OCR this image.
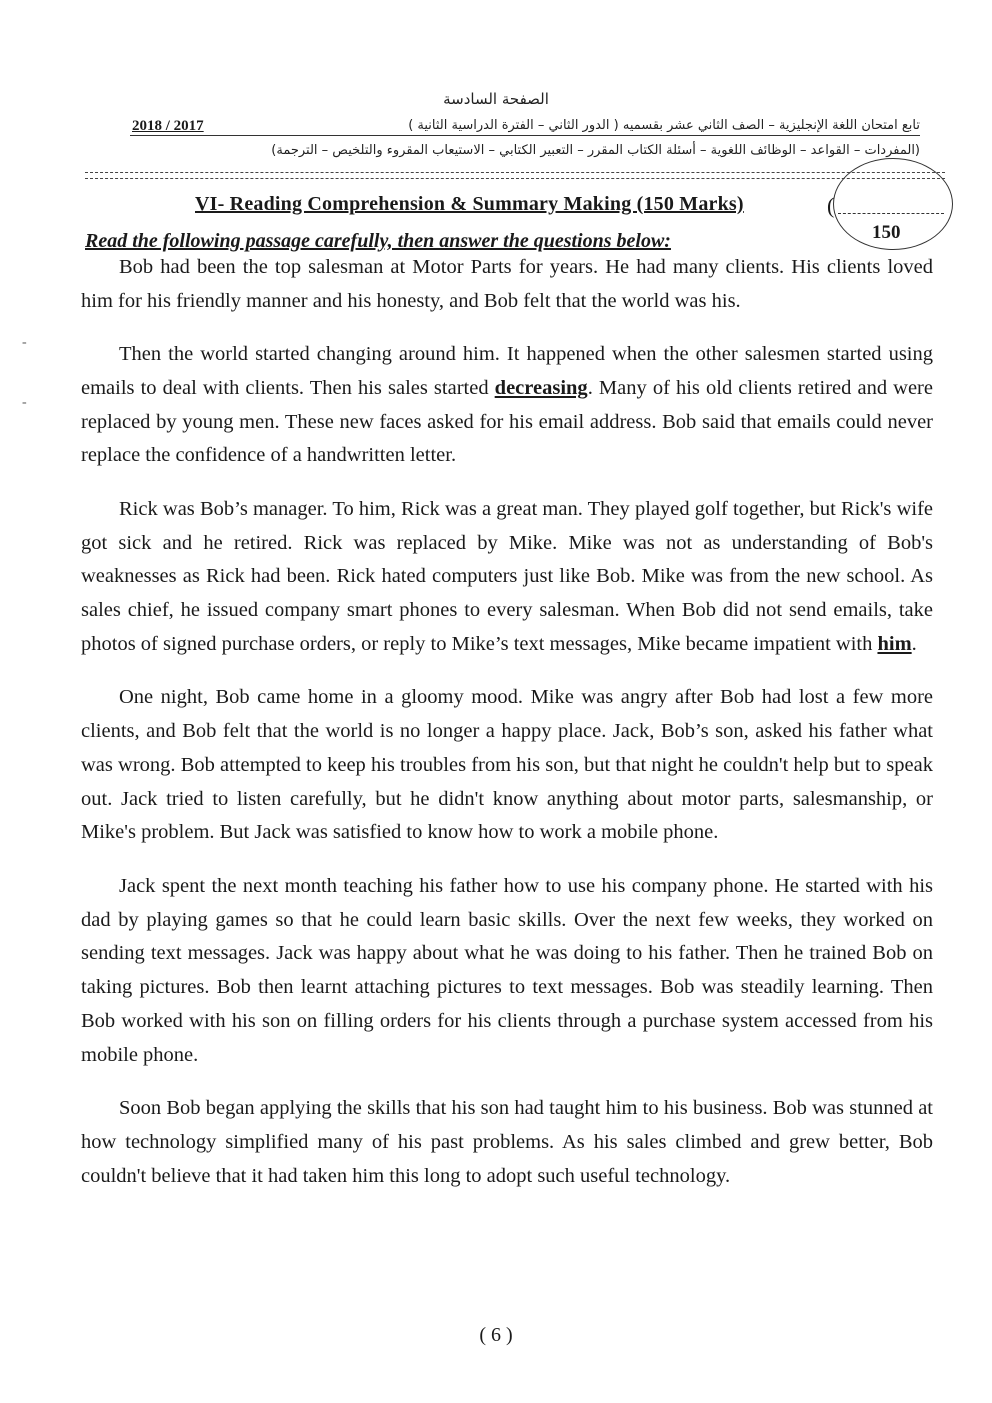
الصفحة السادسة
تابع امتحان اللغة الإنجليزية – الصف الثاني عشر بقسميه ( الدور الثاني – الفترة الدراسية الثانية )
2018 / 2017
(المفردات – القواعد – الوظائف اللغوية – أسئلة الكتاب المقرر – التعبير الكتابي – الاستيعاب المقروء والتلخيص – الترجمة)
VI- Reading Comprehension & Summary Making (150 Marks)	(
150
Read the following passage carefully, then answer the questions below:
-
-

Bob had been the top salesman at Motor Parts for years. He had many clients. His clients loved him for his friendly manner and his honesty, and Bob felt that the world was his.

Then the world started changing around him. It happened when the other salesmen started using emails to deal with clients. Then his sales started decreasing. Many of his old clients retired and were replaced by young men. These new faces asked for his email address. Bob said that emails could never replace the confidence of a handwritten letter.

Rick was Bob’s manager. To him, Rick was a great man. They played golf together, but Rick's wife got sick and he retired. Rick was replaced by Mike. Mike was not as understanding of Bob's weaknesses as Rick had been. Rick hated computers just like Bob. Mike was from the new school. As sales chief, he issued company smart phones to every salesman. When Bob did not send emails, take photos of signed purchase orders, or reply to Mike’s text messages, Mike became impatient with him.

One night, Bob came home in a gloomy mood. Mike was angry after Bob had lost a few more clients, and Bob felt that the world is no longer a happy place. Jack, Bob’s son, asked his father what was wrong. Bob attempted to keep his troubles from his son, but that night he couldn't help but to speak out. Jack tried to listen carefully, but he didn't know anything about motor parts, salesmanship, or Mike's problem. But Jack was satisfied to know how to work a mobile phone.

Jack spent the next month teaching his father how to use his company phone. He started with his dad by playing games so that he could learn basic skills. Over the next few weeks, they worked on sending text messages. Jack was happy about what he was doing to his father. Then he trained Bob on taking pictures. Bob then learnt attaching pictures to text messages. Bob was steadily learning. Then Bob worked with his son on filling orders for his clients through a purchase system accessed from his mobile phone.

Soon Bob began applying the skills that his son had taught him to his business. Bob was stunned at how technology simplified many of his past problems. As his sales climbed and grew better, Bob couldn't believe that it had taken him this long to adopt such useful technology.

( 6 )
